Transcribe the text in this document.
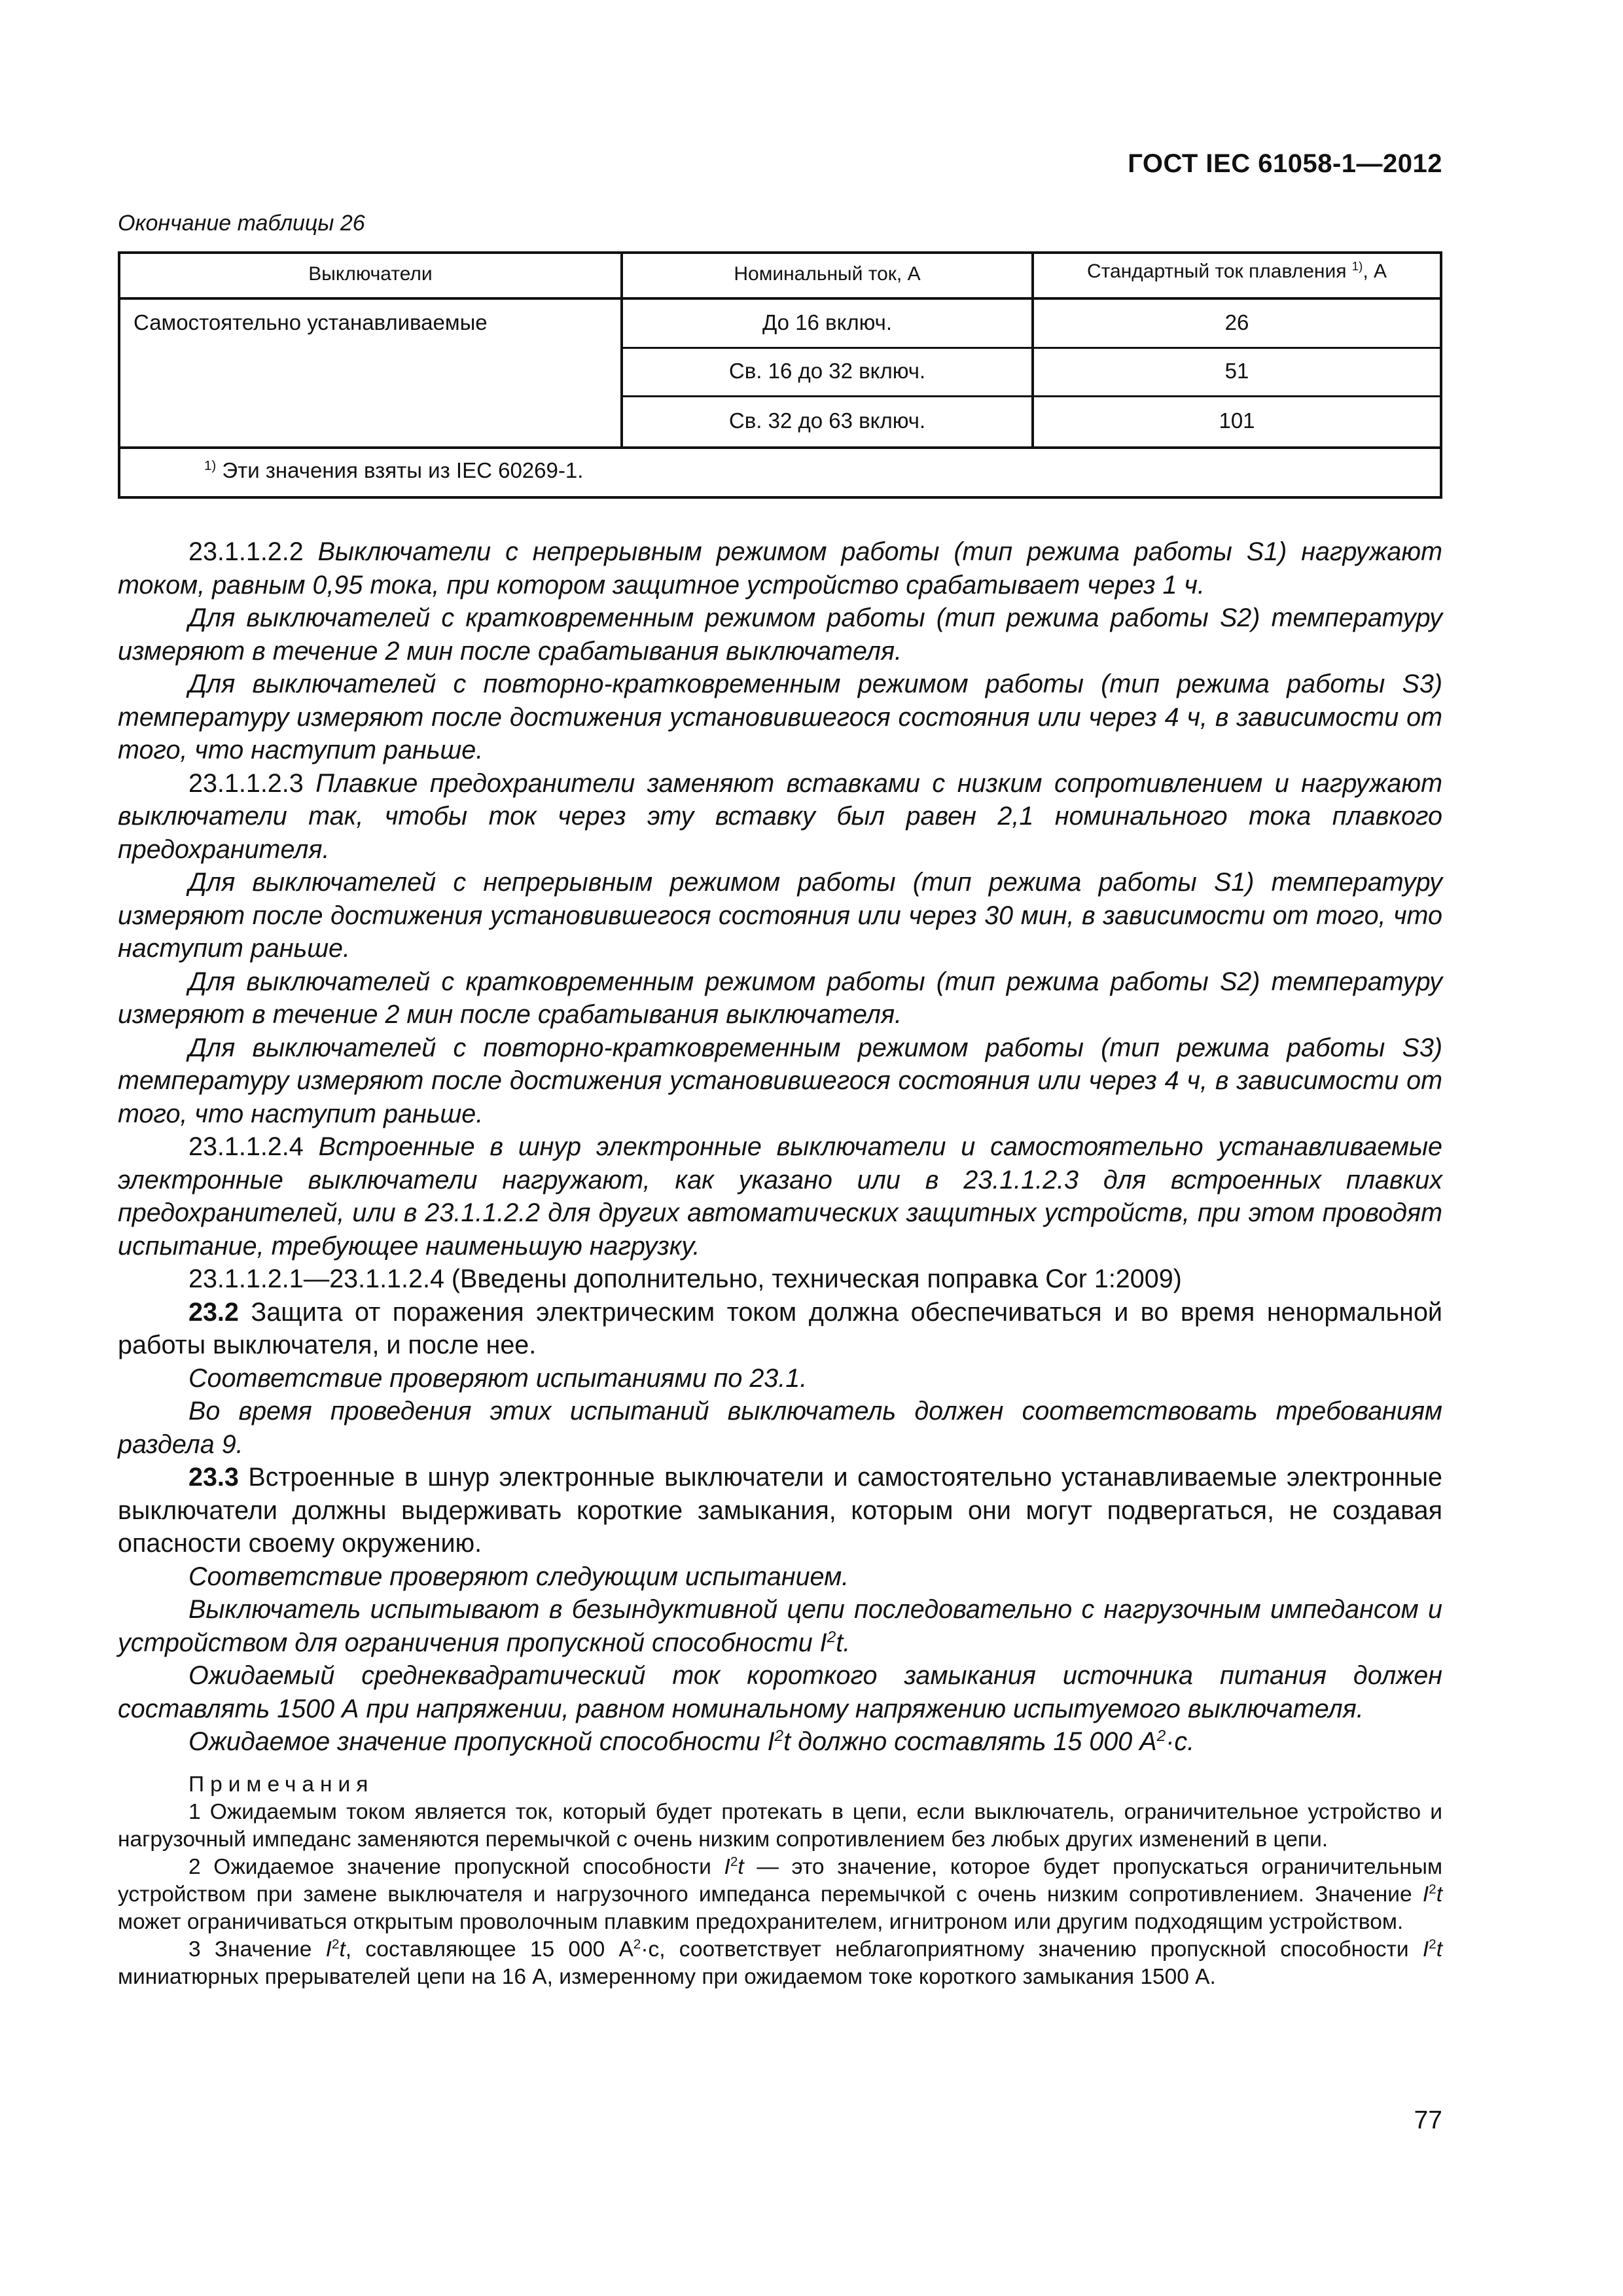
ГОСТ IEC 61058-1—2012
Окончание таблицы 26
Выключатели	Номинальный ток, А	Стандартный ток плавления $^{1)}$, А
Самостоятельно устанавливаемые	До 16 включ.	26
Св. 16 до 32 включ.	51
Св. 32 до 63 включ.	101
$^{1)}$ Эти значения взяты из IEC 60269-1.

23.1.1.2.2 Выключатели с непрерывным режимом работы (тип режима работы S1) нагружают током, равным 0,95 тока, при котором защитное устройство срабатывает через 1 ч.

Для выключателей с кратковременным режимом работы (тип режима работы S2) температуру измеряют в течение 2 мин после срабатывания выключателя.

Для выключателей с повторно-кратковременным режимом работы (тип режима работы S3) температуру измеряют после достижения установившегося состояния или через 4 ч, в зависимости от того, что наступит раньше.

23.1.1.2.3 Плавкие предохранители заменяют вставками с низким сопротивлением и нагружают выключатели так, чтобы ток через эту вставку был равен 2,1 номинального тока плавкого предохранителя.

Для выключателей с непрерывным режимом работы (тип режима работы S1) температуру измеряют после достижения установившегося состояния или через 30 мин, в зависимости от того, что наступит раньше.

Для выключателей с кратковременным режимом работы (тип режима работы S2) температуру измеряют в течение 2 мин после срабатывания выключателя.

Для выключателей с повторно-кратковременным режимом работы (тип режима работы S3) температуру измеряют после достижения установившегося состояния или через 4 ч, в зависимости от того, что наступит раньше.

23.1.1.2.4 Встроенные в шнур электронные выключатели и самостоятельно устанавливаемые электронные выключатели нагружают, как указано или в 23.1.1.2.3 для встроенных плавких предохранителей, или в 23.1.1.2.2 для других автоматических защитных устройств, при этом проводят испытание, требующее наименьшую нагрузку.

23.1.1.2.1—23.1.1.2.4 (Введены дополнительно, техническая поправка Cor 1:2009)

23.2 Защита от поражения электрическим током должна обеспечиваться и во время ненормальной работы выключателя, и после нее.

Соответствие проверяют испытаниями по 23.1.

Во время проведения этих испытаний выключатель должен соответствовать требованиям раздела 9.

23.3 Встроенные в шнур электронные выключатели и самостоятельно устанавливаемые электронные выключатели должны выдерживать короткие замыкания, которым они могут подвергаться, не создавая опасности своему окружению.

Соответствие проверяют следующим испытанием.

Выключатель испытывают в безындуктивной цепи последовательно с нагрузочным импедансом и устройством для ограничения пропускной способности $I^2t$.

Ожидаемый среднеквадратический ток короткого замыкания источника питания должен составлять 1500 А при напряжении, равном номинальному напряжению испытуемого выключателя.

Ожидаемое значение пропускной способности $I^2t$ должно составлять 15 000 $А^2\cdot с$.

Примечания

1 Ожидаемым током является ток, который будет протекать в цепи, если выключатель, ограничительное устройство и нагрузочный импеданс заменяются перемычкой с очень низким сопротивлением без любых других изменений в цепи.

2 Ожидаемое значение пропускной способности $I^2t$ — это значение, которое будет пропускаться ограничительным устройством при замене выключателя и нагрузочного импеданса перемычкой с очень низким сопротивлением. Значение $I^2t$ может ограничиваться открытым проволочным плавким предохранителем, игнитроном или другим подходящим устройством.

3 Значение $I^2t$, составляющее 15 000 $А^2\cdot с$, соответствует неблагоприятному значению пропускной способности $I^2t$ миниатюрных прерывателей цепи на 16 А, измеренному при ожидаемом токе короткого замыкания 1500 А.

77
